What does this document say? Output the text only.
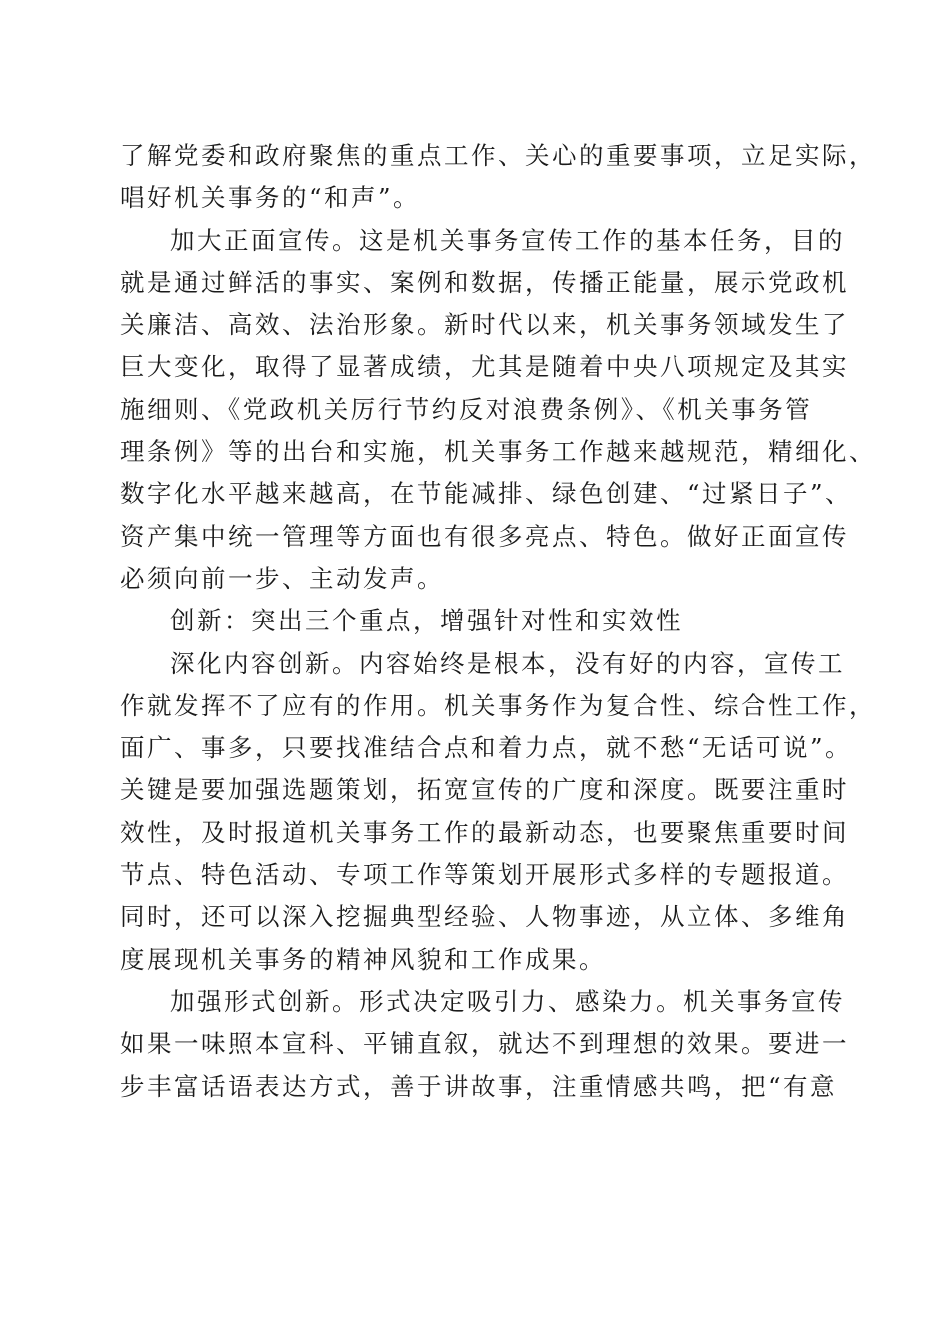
了解党委和政府聚焦的重点工作、关心的重要事项，立足实际，
唱好机关事务的“和声”。
加大正面宣传。这是机关事务宣传工作的基本任务，目的
就是通过鲜活的事实、案例和数据，传播正能量，展示党政机
关廉洁、高效、法治形象。新时代以来，机关事务领域发生了
巨大变化，取得了显著成绩，尤其是随着中央八项规定及其实
施细则、《党政机关厉行节约反对浪费条例》、《机关事务管
理条例》等的出台和实施，机关事务工作越来越规范，精细化、
数字化水平越来越高，在节能减排、绿色创建、“过紧日子”、
资产集中统一管理等方面也有很多亮点、特色。做好正面宣传
必须向前一步、主动发声。
创新：突出三个重点，增强针对性和实效性
深化内容创新。内容始终是根本，没有好的内容，宣传工
作就发挥不了应有的作用。机关事务作为复合性、综合性工作，
面广、事多，只要找准结合点和着力点，就不愁“无话可说”。
关键是要加强选题策划，拓宽宣传的广度和深度。既要注重时
效性，及时报道机关事务工作的最新动态，也要聚焦重要时间
节点、特色活动、专项工作等策划开展形式多样的专题报道。
同时，还可以深入挖掘典型经验、人物事迹，从立体、多维角
度展现机关事务的精神风貌和工作成果。
加强形式创新。形式决定吸引力、感染力。机关事务宣传
如果一味照本宣科、平铺直叙，就达不到理想的效果。要进一
步丰富话语表达方式，善于讲故事，注重情感共鸣，把“有意
